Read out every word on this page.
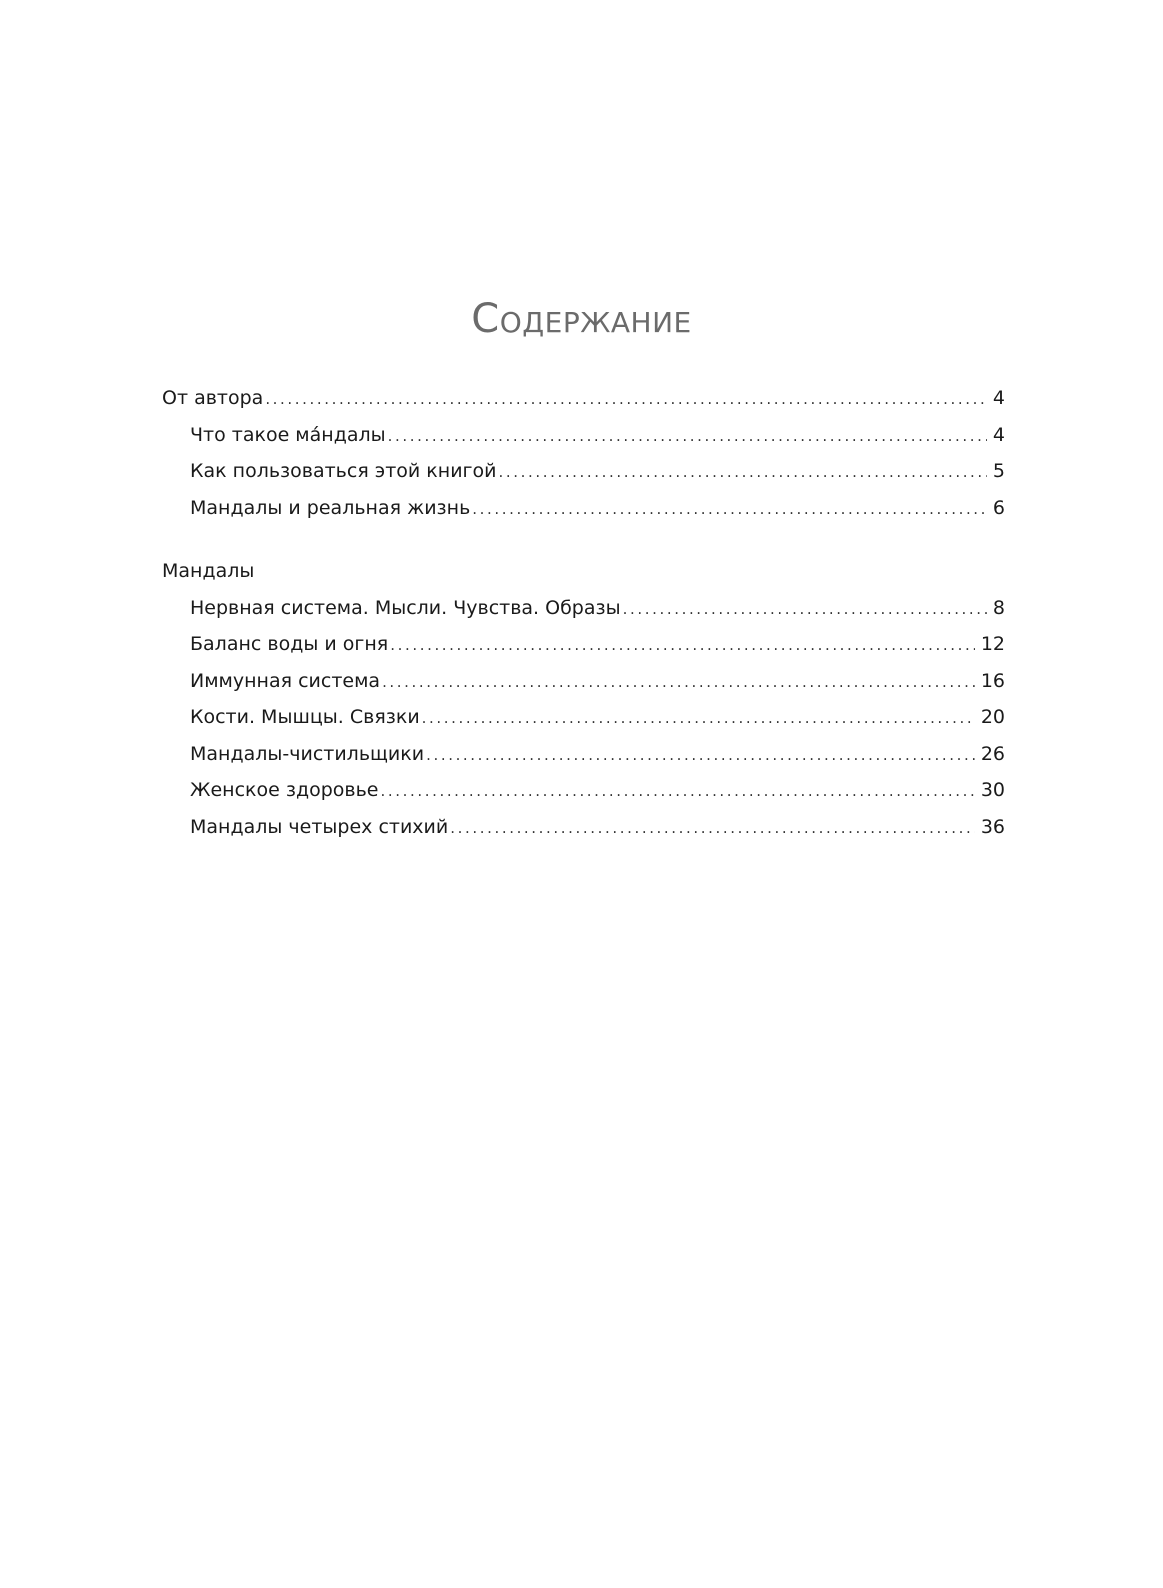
Содержание
От автора .....	4
Что такое ма́ндалы .....	4
Как пользоваться этой книгой .....	5
Мандалы и реальная жизнь .....	6
Мандалы
Нервная система. Мысли. Чувства. Образы .....	8
Баланс воды и огня .....	12
Иммунная система .....	16
Кости. Мышцы. Связки .....	20
Мандалы-чистильщики .....	26
Женское здоровье .....	30
Мандалы четырех стихий .....	36
